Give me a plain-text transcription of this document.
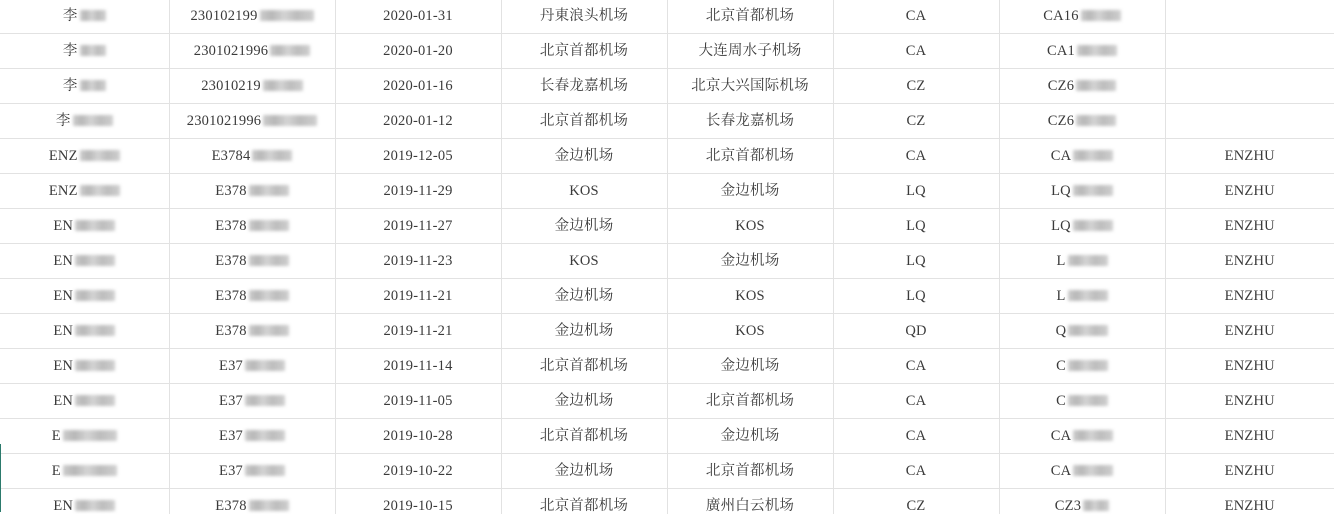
李	230102199	2020-01-31	丹東浪头机场	北京首都机场	CA	CA16	
李	2301021996	2020-01-20	北京首都机场	大连周水子机场	CA	CA1	
李	23010219	2020-01-16	长春龙嘉机场	北京大兴国际机场	CZ	CZ6	
李	2301021996	2020-01-12	北京首都机场	长春龙嘉机场	CZ	CZ6	
ENZ	E3784	2019-12-05	金边机场	北京首都机场	CA	CA	ENZHU
ENZ	E378	2019-11-29	KOS	金边机场	LQ	LQ	ENZHU
EN	E378	2019-11-27	金边机场	KOS	LQ	LQ	ENZHU
EN	E378	2019-11-23	KOS	金边机场	LQ	L	ENZHU
EN	E378	2019-11-21	金边机场	KOS	LQ	L	ENZHU
EN	E378	2019-11-21	金边机场	KOS	QD	Q	ENZHU
EN	E37	2019-11-14	北京首都机场	金边机场	CA	C	ENZHU
EN	E37	2019-11-05	金边机场	北京首都机场	CA	C	ENZHU
E	E37	2019-10-28	北京首都机场	金边机场	CA	CA	ENZHU
E	E37	2019-10-22	金边机场	北京首都机场	CA	CA	ENZHU
EN	E378	2019-10-15	北京首都机场	廣州白云机场	CZ	CZ3	ENZHU
